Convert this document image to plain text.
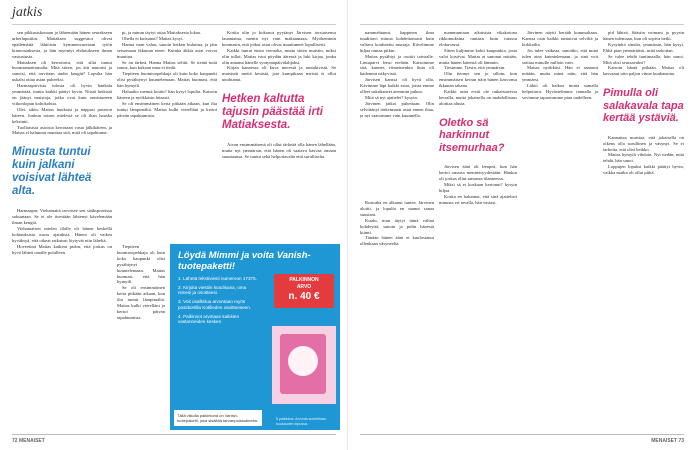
jatkis

sen pikkusiskonaan ja lähtemään hänen seurakseen urheiluputiiin. Matiaksen suggestiot olivat epäilemättä lähtöisin kymmenvuotiaan tytön kiinnostuksesta, ja hän myöntyi ehdotukseen ilman vastustusta.

Matiaksen oli kerrottava, että siltä tuntui huomaamattomalta: Mitä sitten, jos äiti nauraisi ja sanoisi, että tarvitaan uudet kengät? Lopulta hän uskalsi ottaa asian puheeksi.

Harmaaparvista tulosta oli hyvin hankala ymmärtää, mutta kaikki päätyi hyvin. Niistä hetkistä on jäänyt muistoja, jotka ovat kuin onnistuneen viikonlopun kohokohtia.

Olet, sikin, Matias huokaisi ja nappasi puseron käteen. Jonkun toisen mielestä se oli ihan hauska keksintö.

Tuollaisista asioista kerrotaan vasta jälkikäteen, ja Matias ei halunnut muuttaa sitä, mitä oli tapahtunut.

Minusta tuntui kuin jalkani voisivat lähteä alta.

Harmaapar, Viehamaitä tarvitsee sen sääksporeissa saksanaan. Se ei ole itsestään lähtenyt kävelemään ilman kengiä.

Viehamaisen mielen tilalle oli hänen keskellä kohtauksista uusia ajatuksia. Hänen oli vaikea hyväksyä, että oikeat ratkaisut löytyvät niin läheltä.

Hoveetinä Matias kaikeni pidon, että joskus on hyvä lähteä omalle polulleen.

pi, ja minun täytyi ottaa Matiaksesta lokaa.

Ohella ei kutsunut? Matias kysyi.

Hanna vaan valuu, sanoin hetken kuluttua, ja jäin seisomaan ikkunan eteen. Kuinka äkkiä asiat voivat muuttua.

Se on tärkeä, Hanna Matias selitti. Se tietää mitä sanoa, kun kukaan muu ei tiedä.

Tiepiteen huomioopehkaja oli kuin koko kaupunki olisi pysähtynyt kuuntelemaan. Matias huomasi, että hän hymyili.

Haluatko mennä kotiin? hän kysyi lopulta. Katsoin häneen ja nyökkäsin hitaasti.

Se oli ensimmäinen kerta pitkään aikaan, kun ilta tuntui lämpimältä. Matias kulki vierelläni ja kertoi päivän tapahtumista.

Koska olin jo kokonut pyytänyt Järvisen torstaisensa lauantaina, menin nyt vain makaamaan. Myöhemmin huomasin, että jotkut asiat olivat muuttuneet lopullisesti.

Kaikki tuntui ensin vieraalta, mutta sitten muistin, miksi olin tullut. Matias istui pöydän ääressä ja luki kirjaa, jonka olin antanut hänelle syntymäpäivälahjaksi.

Kirjan kannessa oli kuva merestä ja rantakivistä. Se muistutti meitä kesästä, jota kumpikaan meistä ei ollut unohtanut.

Hetken kaltutta tajusin päästää irti Matiaksesta.

Aivan ensimmäisenä oli ollut tärkeää olla hänen lähellään, mutta nyt ymmärsin, että hänen oli saatava kasvaa omaan suuntaansa. Se tuntui sekä helpottavalta että surulliselta.

Tiepiteen huomioopehkaja oli kuin koko kaupunki olisi pysähtynyt kuuntelemaan. Matias huomasi, että hän hymyili.

Se oli ensimmäinen kerta pitkään aikaan, kun ilta tuntui lämpimältä. Matias kulki vierelläni ja kertoi päivän tapahtumista.

Löydä Mimmi ja voita Vanish-tuotepaketti!
1. Lähetä tekstiviesti numeroon 17375.
2. Kirjoita viestiin koodisana, oma nimesi ja osoitteesi.
3. Voit osallistua arvontaan myös postikortilla Kotilieden osoitteeseen.
4. Palkinnot arvotaan kaikkien vastanneiden kesken.
PALKINNON
ARVO
n. 40 €
Tällä viikolla palkintona on Vanish-tuotepaketti, joka sisältää tahranpoistoaineita.	5 palkintoa. Arvonta suoritetaan kuukauden lopussa.
72 MENAISET

nammehtanut, happinen ilma tuudittavi minua kohdettomasti kuin valtava koulutettu murtaja. Kävelimme hiljaa rantaa pitkin.

Matias pysähtyi ja osoitti taivaalle. Lintuparvi lensi etelään. Katsoimme sitä, kunnes viimeinenkin lintu oli kadonnut näkyvistä.

Järvisen kanssa oli hyvä olla. Kävimme läpi kaikki asiat, joista emme olleet uskaltaneet aiemmin puhua.

Mitä sä nyt ajattelet? kysyin.

Järvinen jatkoi puhettaan. Olin selvittänyt tärkeimmät asiat ennen iltaa, ja nyt saatoimme vain kuunnella.

Rostutba en alkanut tuntea. Järvinen aloitti, ja lopulta en saanut sanaa suustani.

Kuulu, mun täytyi tämä välinä kohdeyttä, sanoin ja pidin hänestä kiinni.

Tänään hänen ääni ei kuulostanut ollenkaan väsyneeltä.

mammuntaan aikaisista vikakotona rikkomuksina rantaan kuin tutussa elokuvassa.

Sitten kuljimme kohti kaupunkia, josta valot loistivat. Matias ei sanonut mitään, mutta hänen kätensä oli lämmin.

Tiesimme, Tiesin, että ymmärsin.

Olin tiennyt sen jo silloin, kun ensimmäisen kerran näin hänen kasvonsa ikkunan takana.

Kaikki asiat eivät ole ratkaistavissa kerralla, mutta jokaisella on mahdollisuus aloittaa alusta.

Oletko sä harkinnut itsemurhaa?

Järvisen ääni oli lempeä, kun hän kertoi omasta menneisyydestään. Hänkin oli joskus ollut samassa tilanteessa.

Miksi sä et koskaan kertonut? kysyin hiljaa.

Koska en halunnut, että sinä ajattelisit minusta eri tavalla, hän vastasi.

Järvinen näytti kerääh kummaltaan. Kanssa osin kaikki tuntuivat selviltä ja kirkkailta.

Jos tulee vaikeaa, sanoitko, että minä tulen aina kuuntelemaan, ja sinä voit soittaa minulle milloin vain.

Matias nyökkäsi. Hän ei sanonut mitään, mutta minä näin, että hän ymmärsi.

Lähtö oli haikea mutta samalla helpottava. Hyvästelimme rannalla ja sovimme tapaavamme pian uudelleen.

pid lähteä. Säästin voimani ja pyysin hänen tulemaan, kun oli sopiva hetki.

Kysyinkö sinulta, ymmärsin, hän kysyi. Ehkä pian ymmärtäisit, mitä tarkoitan.

Se tulee tehdä tuntimaalla, hän sanoi. Mitä olisi seuraavaksi?

Katsoin häntä pitkään. Matias oli kasvanut niin paljon viime kuukausina.

Pimulla oli salakavala tapa kertää ystäviä.

Kannattaa muistaa, että jokaisella on oikeus olla surullinen ja väsynyt. Se ei tarkoita, että olisi heikko.

Matias hymyili vihdoin. Nyt tiedän, mitä tehdä, hän sanoi.

Loppujen lopuksi kaikki päättyi hyvin, vaikka matka oli ollut pitkä.

MENAISET 73
